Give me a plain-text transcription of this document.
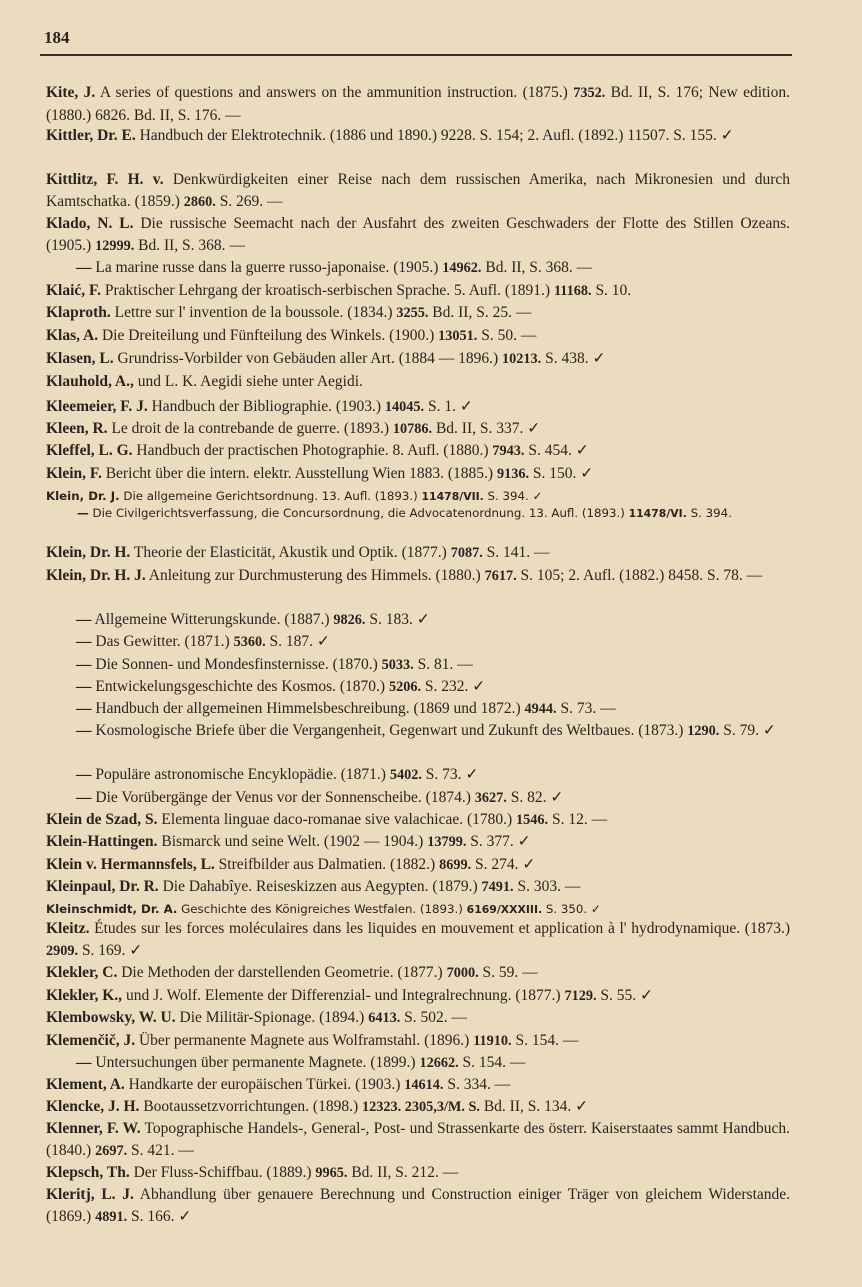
184
Kite, J. A series of questions and answers on the ammunition instruction. (1875.) 7352. Bd. II, S. 176; New edition. (1880.) 6826. Bd. II, S. 176. —
Kittler, Dr. E. Handbuch der Elektrotechnik. (1886 und 1890.) 9228. S. 154; 2. Aufl. (1892.) 11507. S. 155. ✓
Kittlitz, F. H. v. Denkwürdigkeiten einer Reise nach dem russischen Amerika, nach Mikronesien und durch Kamtschatka. (1859.) 2860. S. 269. —
Klado, N. L. Die russische Seemacht nach der Ausfahrt des zweiten Geschwaders der Flotte des Stillen Ozeans. (1905.) 12999. Bd. II, S. 368. —
— La marine russe dans la guerre russo-japonaise. (1905.) 14962. Bd. II, S. 368. —
Klaić, F. Praktischer Lehrgang der kroatisch-serbischen Sprache. 5. Aufl. (1891.) 11168. S. 10.
Klaproth. Lettre sur l' invention de la boussole. (1834.) 3255. Bd. II, S. 25. —
Klas, A. Die Dreiteilung und Fünfteilung des Winkels. (1900.) 13051. S. 50. —
Klasen, L. Grundriss-Vorbilder von Gebäuden aller Art. (1884 — 1896.) 10213. S. 438. ✓
Klauhold, A., und L. K. Aegidi siehe unter Aegidi.
Kleemeier, F. J. Handbuch der Bibliographie. (1903.) 14045. S. 1. ✓
Kleen, R. Le droit de la contrebande de guerre. (1893.) 10786. Bd. II, S. 337. ✓
Kleffel, L. G. Handbuch der practischen Photographie. 8. Aufl. (1880.) 7943. S. 454. ✓
Klein, F. Bericht über die intern. elektr. Ausstellung Wien 1883. (1885.) 9136. S. 150. ✓
Klein, Dr. J. Die allgemeine Gerichtsordnung. 13. Aufl. (1893.) 11478/VII. S. 394. ✓
— Die Civilgerichtsverfassung, die Concursordnung, die Advocatenordnung. 13. Aufl. (1893.) 11478/VI. S. 394.
Klein, Dr. H. Theorie der Elasticität, Akustik und Optik. (1877.) 7087. S. 141. —
Klein, Dr. H. J. Anleitung zur Durchmusterung des Himmels. (1880.) 7617. S. 105; 2. Aufl. (1882.) 8458. S. 78. —
— Allgemeine Witterungskunde. (1887.) 9826. S. 183. ✓
— Das Gewitter. (1871.) 5360. S. 187. ✓
— Die Sonnen- und Mondesfinsternisse. (1870.) 5033. S. 81. —
— Entwickelungsgeschichte des Kosmos. (1870.) 5206. S. 232. ✓
— Handbuch der allgemeinen Himmelsbeschreibung. (1869 und 1872.) 4944. S. 73. —
— Kosmologische Briefe über die Vergangenheit, Gegenwart und Zukunft des Weltbaues. (1873.) 1290. S. 79. ✓
— Populäre astronomische Encyklopädie. (1871.) 5402. S. 73. ✓
— Die Vorübergänge der Venus vor der Sonnenscheibe. (1874.) 3627. S. 82. ✓
Klein de Szad, S. Elementa linguae daco-romanae sive valachicae. (1780.) 1546. S. 12. —
Klein-Hattingen. Bismarck und seine Welt. (1902 — 1904.) 13799. S. 377. ✓
Klein v. Hermannsfels, L. Streifbilder aus Dalmatien. (1882.) 8699. S. 274. ✓
Kleinpaul, Dr. R. Die Dahabîye. Reiseskizzen aus Aegypten. (1879.) 7491. S. 303. —
Kleinschmidt, Dr. A. Geschichte des Königreiches Westfalen. (1893.) 6169/XXXIII. S. 350. ✓
Kleitz. Études sur les forces moléculaires dans les liquides en mouvement et application à l' hydrodynamique. (1873.) 2909. S. 169. ✓
Klekler, C. Die Methoden der darstellenden Geometrie. (1877.) 7000. S. 59. —
Klekler, K., und J. Wolf. Elemente der Differenzial- und Integralrechnung. (1877.) 7129. S. 55. ✓
Klembowsky, W. U. Die Militär-Spionage. (1894.) 6413. S. 502. —
Klemenčič, J. Über permanente Magnete aus Wolframstahl. (1896.) 11910. S. 154. —
— Untersuchungen über permanente Magnete. (1899.) 12662. S. 154. —
Klement, A. Handkarte der europäischen Türkei. (1903.) 14614. S. 334. —
Klencke, J. H. Bootaussetzvorrichtungen. (1898.) 12323. 2305,3/M. S. Bd. II, S. 134. ✓
Klenner, F. W. Topographische Handels-, General-, Post- und Strassenkarte des österr. Kaiserstaates sammt Handbuch. (1840.) 2697. S. 421. —
Klepsch, Th. Der Fluss-Schiffbau. (1889.) 9965. Bd. II, S. 212. —
Kleritj, L. J. Abhandlung über genauere Berechnung und Construction einiger Träger von gleichem Widerstande. (1869.) 4891. S. 166. ✓
